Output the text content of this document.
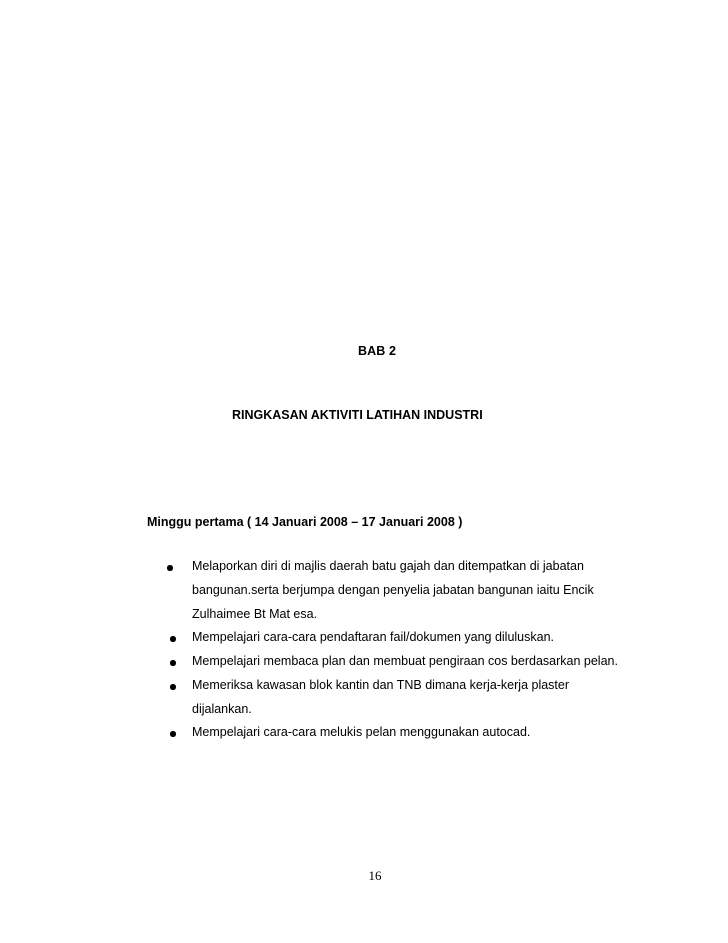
BAB 2
RINGKASAN AKTIVITI LATIHAN INDUSTRI
Minggu pertama ( 14 Januari 2008 – 17 Januari 2008 )
Melaporkan diri di majlis daerah batu gajah dan ditempatkan di jabatan
bangunan.serta berjumpa dengan penyelia jabatan bangunan iaitu Encik
Zulhaimee Bt Mat esa.
Mempelajari cara-cara pendaftaran fail/dokumen yang diluluskan.
Mempelajari membaca plan dan membuat pengiraan cos berdasarkan pelan.
Memeriksa kawasan blok kantin dan TNB dimana kerja-kerja plaster
dijalankan.
Mempelajari cara-cara melukis pelan menggunakan autocad.
16
